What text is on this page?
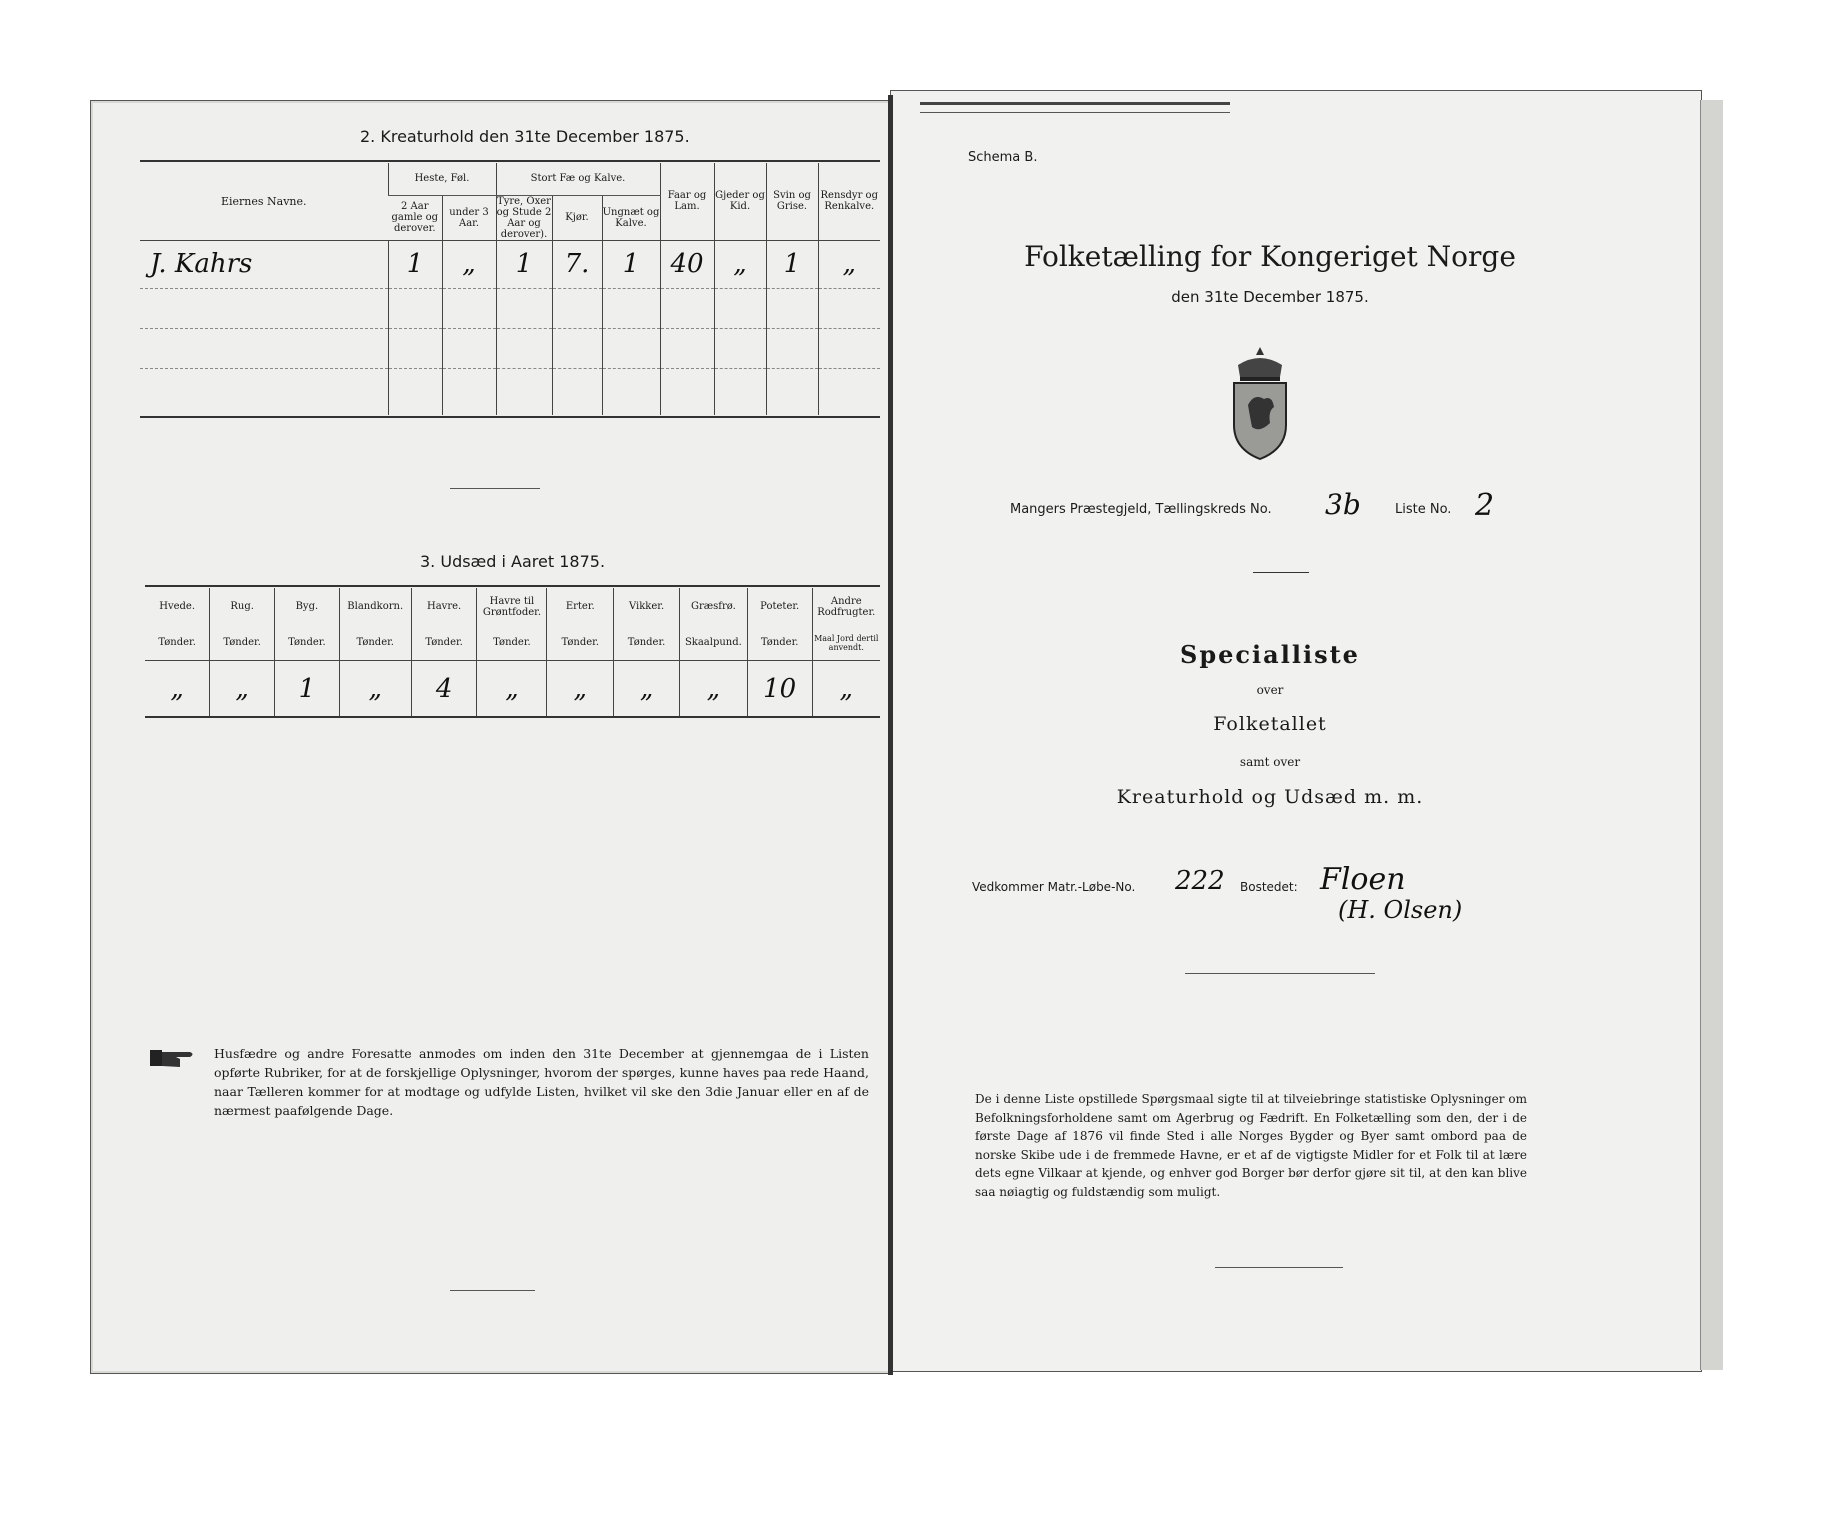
2. Kreaturhold den 31te December 1875.
Eiernes Navne.	Heste, Føl.		Stort Fæ og Kalve.			Faar og Lam.	Gjeder og Kid.	Svin og Grise.	Rensdyr og Renkalve.
	2 Aar gamle og derover.	under 3 Aar.	Tyre, Oxer og Stude 2 Aar og derover).	Kjør.	Ungnæt og Kalve.				
J. Kahrs	1	„	1	7.	1	40	„	1	„

3. Udsæd i Aaret 1875.
Hvede.	Rug.	Byg.	Blandkorn.	Havre.	Havre til Grøntfoder.	Erter.	Vikker.	Græsfrø.	Poteter.	Andre Rodfrugter.
Tønder.	Tønder.	Tønder.	Tønder.	Tønder.	Tønder.	Tønder.	Tønder.	Skaalpund.	Tønder.	Maal Jord dertil anvendt.
„	„	1	„	4	„	„	„	„	10	„
Husfædre og andre Foresatte anmodes om inden den 31te December at gjennemgaa de i Listen opførte Rubriker, for at de forskjellige Oplysninger, hvorom der spørges, kunne haves paa rede Haand, naar Tælleren kommer for at modtage og udfylde Listen, hvilket vil ske den 3die Januar eller en af de nærmest paafølgende Dage.
Schema B.
Folketælling for Kongeriget Norge
den 31te December 1875.
Mangers Præstegjeld, Tællingskreds No. 3b	Liste No. 2
Specialliste
over
Folketallet
samt over
Kreaturhold og Udsæd m. m.
Vedkommer Matr.-Løbe-No. 222 Bostedet: Floen
(H. Olsen)
De i denne Liste opstillede Spørgsmaal sigte til at tilveiebringe statistiske Oplysninger om Befolkningsforholdene samt om Agerbrug og Fædrift. En Folketælling som den, der i de første Dage af 1876 vil finde Sted i alle Norges Bygder og Byer samt ombord paa de norske Skibe ude i de fremmede Havne, er et af de vigtigste Midler for et Folk til at lære dets egne Vilkaar at kjende, og enhver god Borger bør derfor gjøre sit til, at den kan blive saa nøiagtig og fuldstændig som muligt.
